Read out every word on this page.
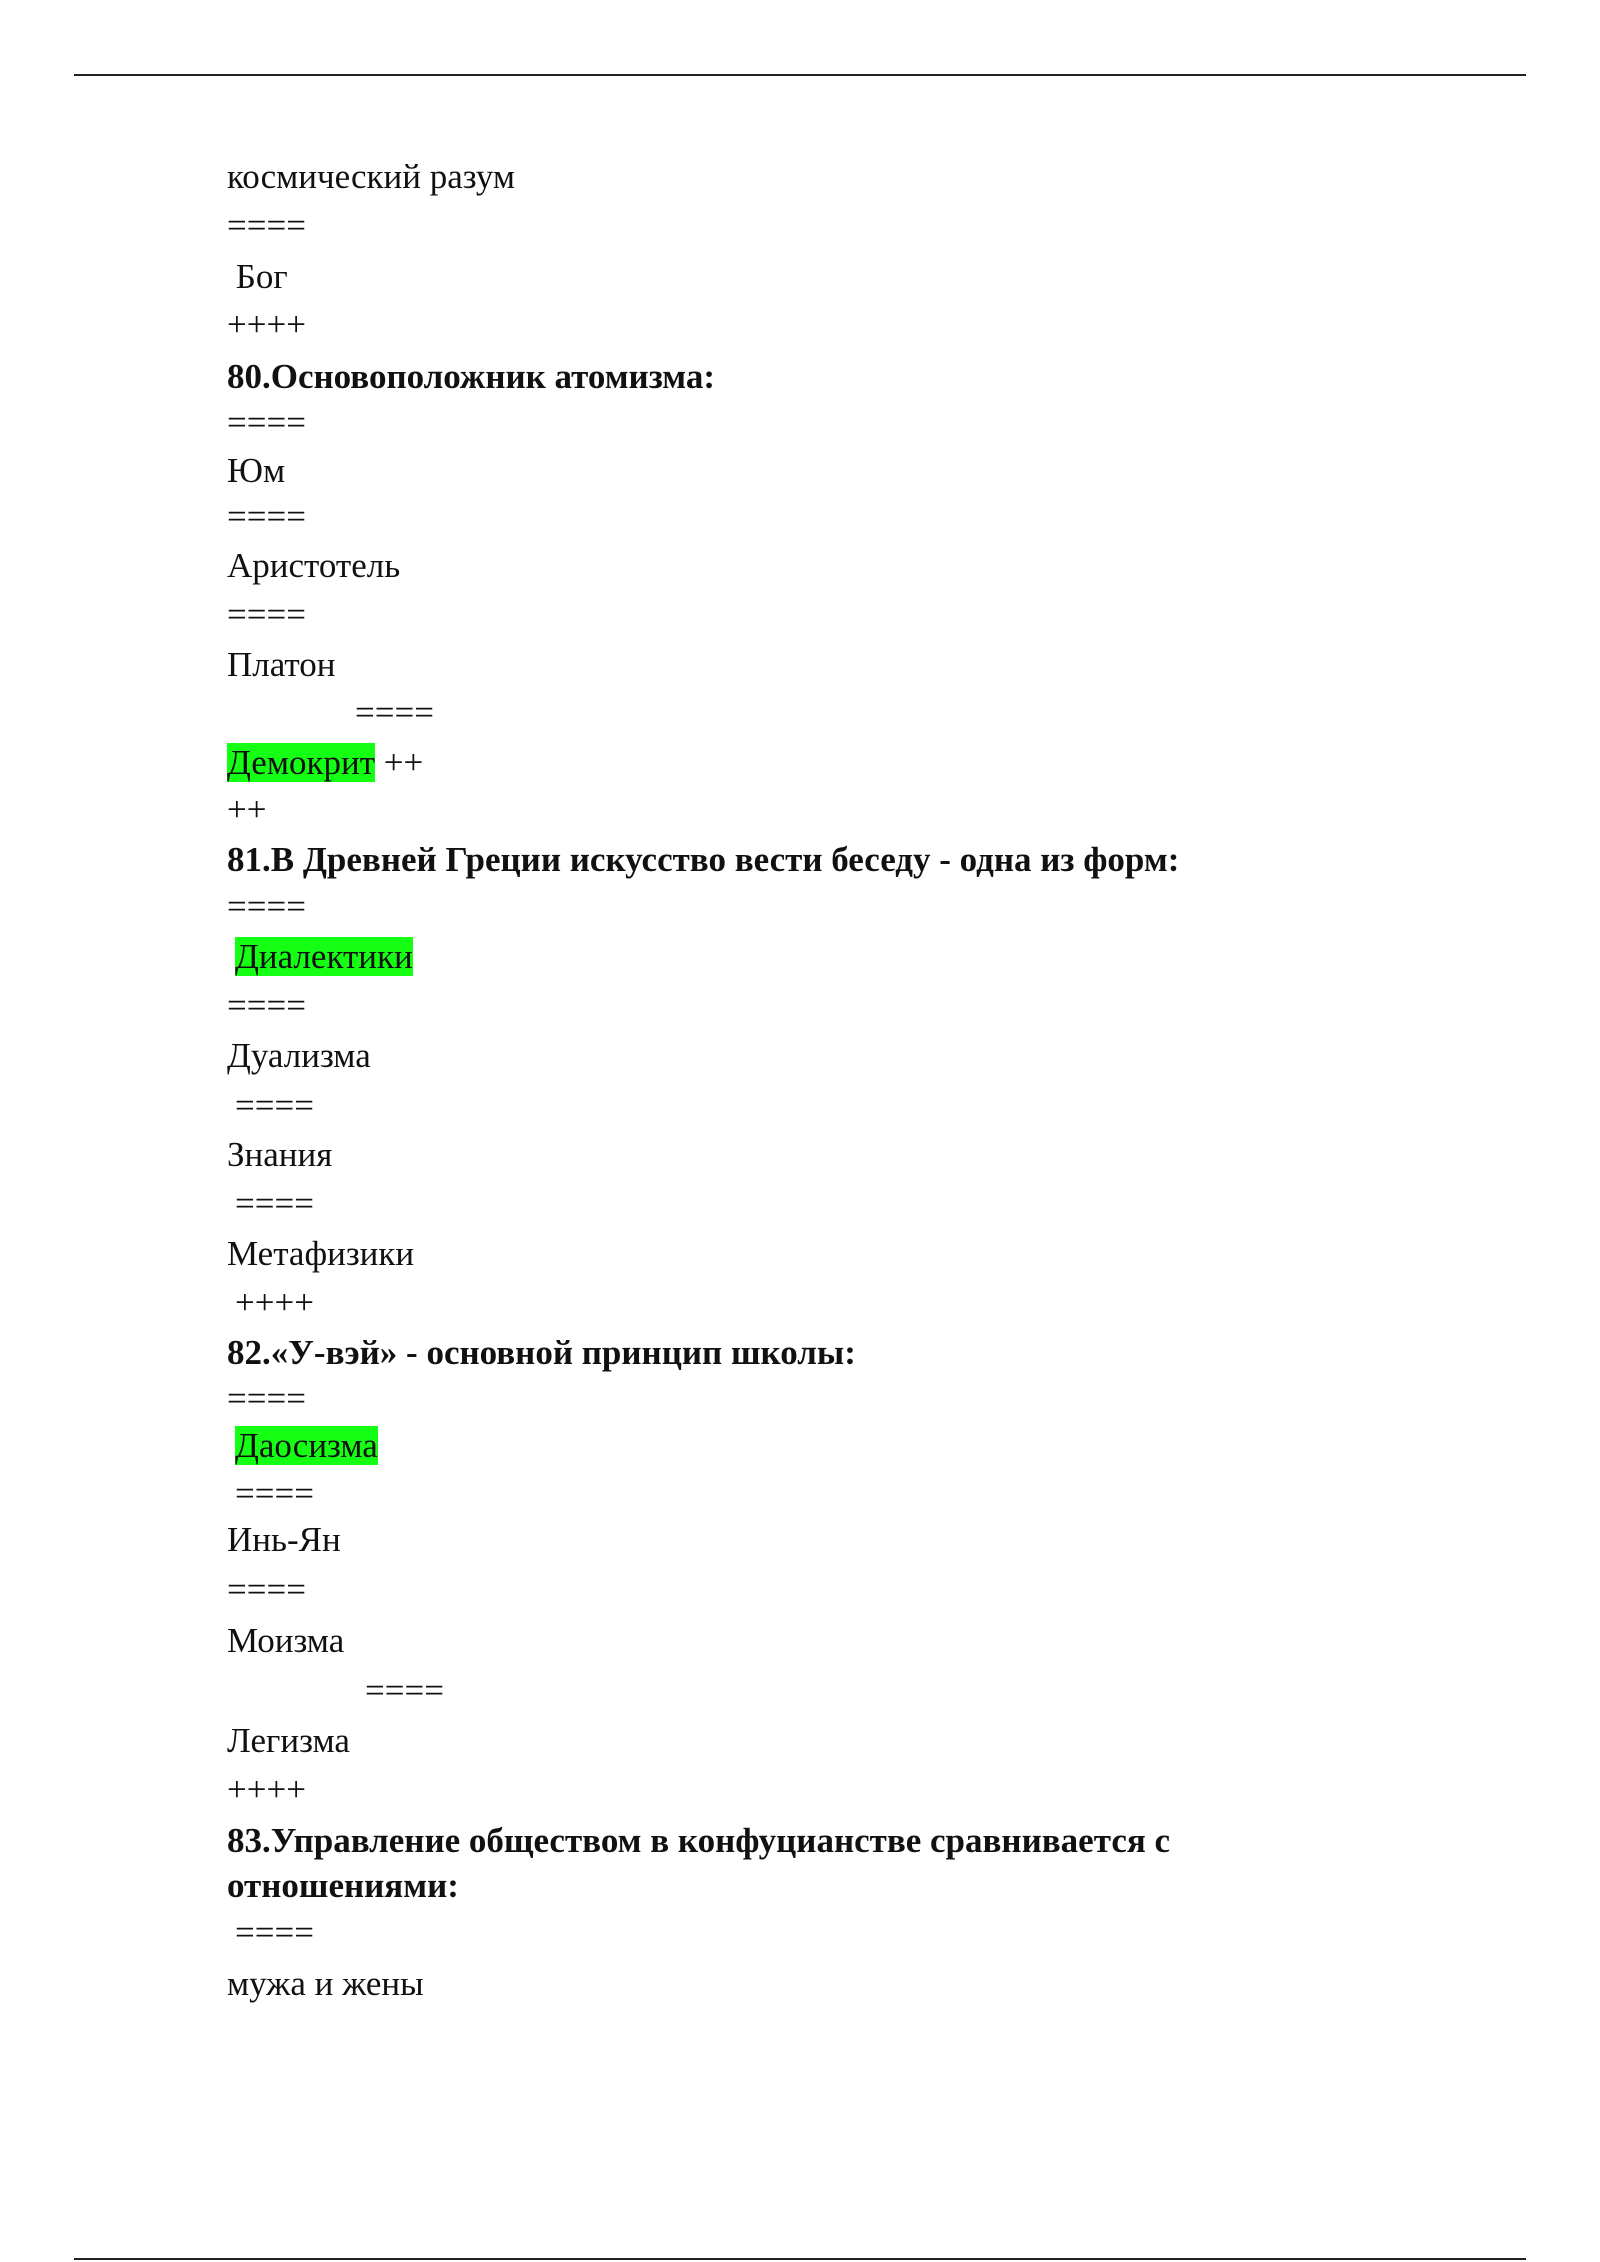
космический разум
====
Бог
++++
80.Основоположник атомизма:
====
Юм
====
Аристотель
====
Платон
====
Демокрит ++
++
81.В Древней Греции искусство вести беседу - одна из форм:
====
Диалектики
====
Дуализма
====
Знания
====
Метафизики
++++
82.«У-вэй» - основной принцип школы:
====
Даосизма
====
Инь-Ян
====
Моизма
====
Легизма
++++
83.Управление обществом в конфуцианстве сравнивается с
отношениями:
====
мужа и жены
